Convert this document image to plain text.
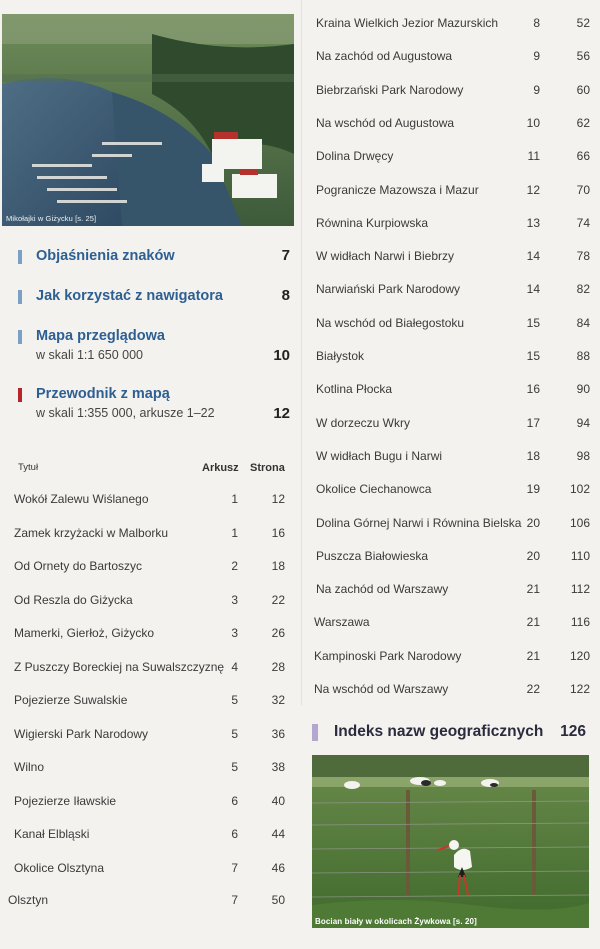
Mikołajki w Giżycku [s. 25]
Objaśnienia znaków	7
Jak korzystać z nawigatora	8
Mapa przeglądowa
w skali 1:1 650 000	10
Przewodnik z mapą
w skali 1:355 000, arkusze 1–22	12
Tytuł	Arkusz Strona
Wokół Zalewu Wiślanego	1	12
Zamek krzyżacki w Malborku	1	16
Od Ornety do Bartoszyc	2	18
Od Reszla do Giżycka	3	22
Mamerki, Gierłoż, Giżycko	3	26
Z Puszczy Boreckiej na Suwalszczyznę 4	28
Pojezierze Suwalskie	5	32
Wigierski Park Narodowy	5	36
Wilno	5	38
Pojezierze Iławskie	6	40
Kanał Elbląski	6	44
Okolice Olsztyna	7	46
Olsztyn	7	50
Kraina Wielkich Jezior Mazurskich	8	52
Na zachód od Augustowa	9	56
Biebrzański Park Narodowy	9	60
Na wschód od Augustowa	10	62
Dolina Drwęcy	11	66
Pogranicze Mazowsza i Mazur	12	70
Równina Kurpiowska	13	74
W widłach Narwi i Biebrzy	14	78
Narwiański Park Narodowy	14	82
Na wschód od Białegostoku	15	84
Białystok	15	88
Kotlina Płocka	16	90
W dorzeczu Wkry	17	94
W widłach Bugu i Narwi	18	98
Okolice Ciechanowca	19	102
Dolina Górnej Narwi i Równina Bielska 20	106
Puszcza Białowieska	20	110
Na zachód od Warszawy	21	112
Warszawa	21	116
Kampinoski Park Narodowy	21	120
Na wschód od Warszawy	22	122
Indeks nazw geograficznych 126
Bocian biały w okolicach Żywkowa [s. 20]
